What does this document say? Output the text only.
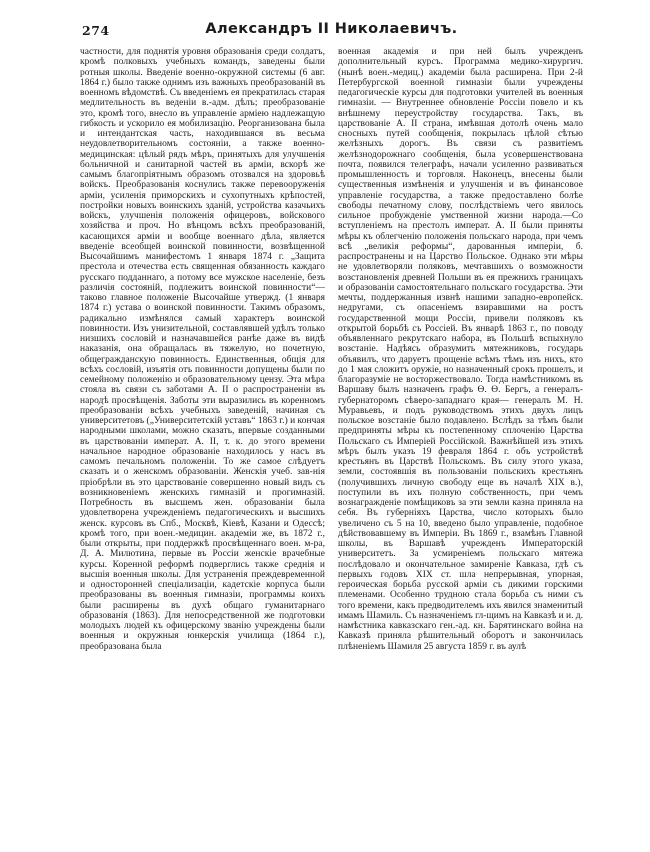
274	Александръ II Николаевичъ.
частности, для поднятія уровня образованія среди солдатъ, кромѣ полковыхъ учебныхъ командъ, заведены были ротныя школы. Введеніе военно-окружной системы (6 авг. 1864 г.) было также однимъ изъ важныхъ преобразованій въ военномъ вѣдомствѣ. Съ введеніемъ ея прекратилась старая медлительность въ веденіи в.-адм. дѣлъ; преобразованіе это, кромѣ того, внесло въ управленіе арміею надлежащую гибкость и ускорило ея мобилизацію. Реорганизована была и интендантская часть, находившаяся въ весьма неудовлетворительномъ состояніи, а также военно-медицинская: цѣлый рядъ мѣръ, принятыхъ для улучшенія больничной и санитарной частей въ арміи, вскорѣ же самымъ благопріятнымъ образомъ отозвался на здоровьѣ войскъ. Преобразованія коснулись также перевооруженія арміи, усиленія приморскихъ и сухопутныхъ крѣпостей, постройки новыхъ воинскихъ зданій, устройства казачьихъ войскъ, улучшенія положенія офицеровъ, войскового хозяйства и проч. Но вѣнцомъ всѣхъ преобразованій, касающихся арміи и вообще военнаго дѣла, является введеніе всеобщей воинской повинности, возвѣщенной Высочайшимъ манифестомъ 1 января 1874 г. „Защита престола и отечества есть священная обязанность каждаго русскаго подданнаго, а потому все мужское населеніе, безъ различія состояній, подлежитъ воинской повинности“— таково главное положеніе Высочайше утвержд. (1 января 1874 г.) устава о воинской повинности. Такимъ образомъ, радикально измѣнялся самый характеръ воинской повинности. Изъ унизительной, составлявшей удѣлъ только низшихъ сословій и назначавшейся ранѣе даже въ видѣ наказанія, она обращалась въ тяжелую, но почетную, общегражданскую повинность. Единственныя, общія для всѣхъ сословій, изъятія отъ повинности допущены были по семейному положенію и образовательному цензу. Эта мѣра стояла въ связи съ заботами А. II о распространеніи въ народѣ просвѣщенія. Заботы эти выразились въ коренномъ преобразованіи всѣхъ учебныхъ заведеній, начиная съ университетовъ („Университетскій уставъ“ 1863 г.) и кончая народными школами, можно сказать, впервые созданными въ царствованіи императ. А. II, т. к. до этого времени начальное народное образованіе находилось у насъ въ самомъ печальномъ положеніи. То же самое слѣдуетъ сказать и о женскомъ образованіи. Женскія учеб. зав-нія пріобрѣли въ это царствованіе совершенно новый видъ съ возникновеніемъ женскихъ гимназій и прогимназій. Потребность въ высшемъ жен. образованіи была удовлетворена учрежденіемъ педагогическихъ и высшихъ женск. курсовъ въ Спб., Москвѣ, Кіевѣ, Казани и Одессѣ; кромѣ того, при воен.-медицин. академіи же, въ 1872 г., были открыты, при поддержкѣ просвѣщеннаго воен. м-ра, Д. А. Милютина, первые въ Россіи женскіе врачебные курсы. Коренной реформѣ подверглись также среднія и высшія военныя школы. Для устраненія преждевременной и односторонней спеціализаціи, кадетскіе корпуса были преобразованы въ военныя гимназіи, программы коихъ были расширены въ духѣ общаго гуманитарнаго образованія (1863). Для непосредственной же подготовки молодыхъ людей къ офицерскому званію учреждены были военныя и окружныя юнкерскія училища (1864 г.), преобразована была
военная академія и при ней былъ учрежденъ дополнительный курсъ. Программа медико-хирургич. (нынѣ воен.-медиц.) академіи была расширена. При 2-й Петербургской военной гимназіи были учреждены педагогическіе курсы для подготовки учителей въ военныя гимназіи. — Внутреннее обновленіе Россіи повело и къ внѣшнему переустройству государства. Такъ, въ царствованіе А. II страна, имѣвшая дотолѣ очень мало сносныхъ путей сообщенія, покрылась цѣлой сѣтью желѣзныхъ дорогъ. Въ связи съ развитіемъ желѣзнодорожнаго сообщенія, была усовершенствована почта, появился телеграфъ, начали усиленно развиваться промышленность и торговля. Наконецъ, внесены были существенныя измѣненія и улучшенія и въ финансовое управленіе государства, а также предоставлено болѣе свободы печатному слову, послѣдствіемъ чего явилось сильное пробужденіе умственной жизни народа.—Со вступленіемъ на престолъ императ. А. II были приняты мѣры къ облегченію положенія польскаго народа, при чемъ всѣ „великія реформы“, дарованныя имперіи, б. распространены и на Царство Польское. Однако эти мѣры не удовлетворяли поляковъ, мечтавшихъ о возможности возстановленія древней Польши въ ея прежнихъ границахъ и образованіи самостоятельнаго польскаго государства. Эти мечты, поддержанныя извнѣ нашими западно-европейск. недругами, съ опасеніемъ взиравшими на ростъ государственной мощи Россіи, привели поляковъ къ открытой борьбѣ съ Россіей. Въ январѣ 1863 г., по поводу объявленнаго рекрутскаго набора, въ Польшѣ вспыхнуло возстаніе. Надѣясь образумить мятежниковъ, государь объявилъ, что даруетъ прощеніе всѣмъ тѣмъ изъ нихъ, кто до 1 мая сложитъ оружіе, но назначенный срокъ прошелъ, и благоразуміе не восторжествовало. Тогда намѣстникомъ въ Варшаву былъ назначенъ графъ Ѳ. Ѳ. Бергъ, а генералъ-губернаторомъ сѣверо-западнаго края— генералъ М. Н. Муравьевъ, и подъ руководствомъ этихъ двухъ лицъ польское возстаніе было подавлено. Вслѣдъ за тѣмъ были предприняты мѣры къ постепенному сплоченію Царства Польскаго съ Имперіей Россійской. Важнѣйшей изъ этихъ мѣръ былъ указъ 19 февраля 1864 г. объ устройствѣ крестьянъ въ Царствѣ Польскомъ. Въ силу этого указа, земли, состоявшія въ пользованіи польскихъ крестьянъ (получившихъ личную свободу еще въ началѣ XIX в.), поступили въ ихъ полную собственность, при чемъ вознагражденіе помѣщиковъ за эти земли казна приняла на себя. Въ губерніяхъ Царства, число которыхъ было увеличено съ 5 на 10, введено было управленіе, подобное дѣйствовавшему въ Имперіи. Въ 1869 г., взамѣнъ Главной школы, въ Варшавѣ учрежденъ Императорскій университетъ. За усмиреніемъ польскаго мятежа послѣдовало и окончательное замиреніе Кавказа, гдѣ съ первыхъ годовъ XIX ст. шла непрерывная, упорная, героическая борьба русской арміи съ дикими горскими племенами. Особенно трудною стала борьба съ ними съ того времени, какъ предводителемъ ихъ явился знаменитый имамъ Шамиль. Съ назначеніемъ гл-щимъ на Кавказѣ и и. д. намѣстника кавказскаго ген.-ад. кн. Барятинскаго война на Кавказѣ приняла рѣшительный оборотъ и закончилась плѣненіемъ Шамиля 25 августа 1859 г. въ аулѣ
